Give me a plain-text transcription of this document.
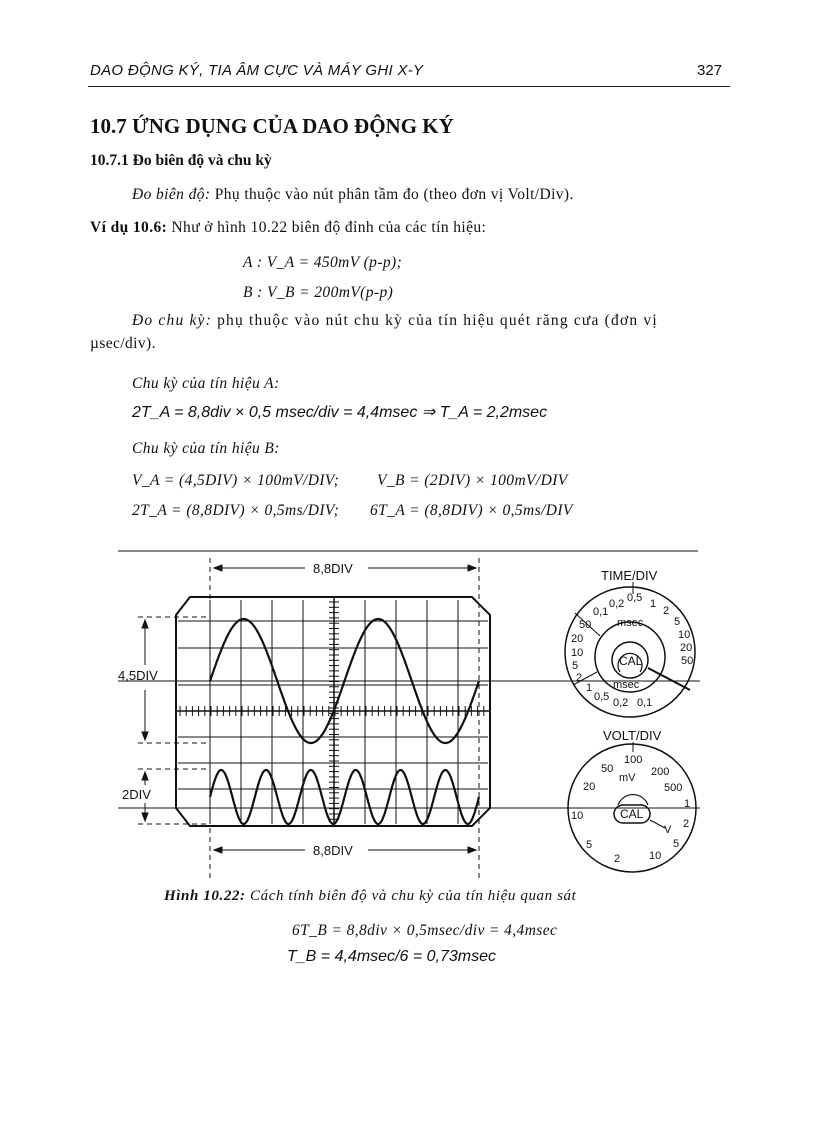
DAO ĐỘNG KÝ, TIA ÂM CỰC VÀ MÁY GHI X-Y	327
10.7 ỨNG DỤNG CỦA DAO ĐỘNG KÝ
10.7.1 Đo biên độ và chu kỳ
Đo biên độ: Phụ thuộc vào nút phân tầm đo (theo đơn vị Volt/Div).
Ví dụ 10.6: Như ở hình 10.22 biên độ đỉnh của các tín hiệu:
A : V_A = 450mV (p-p);
B : V_B = 200mV(p-p)
Đo chu kỳ: phụ thuộc vào nút chu kỳ của tín hiệu quét răng cưa (đơn vị
µsec/div).
Chu kỳ của tín hiệu A:
2T_A = 8,8div × 0,5 msec/div = 4,4msec ⇒ T_A = 2,2msec
Chu kỳ của tín hiệu B:
V_A = (4,5DIV) × 100mV/DIV; V_B = (2DIV) × 100mV/DIV
2T_A = (8,8DIV) × 0,5ms/DIV; 6T_A = (8,8DIV) × 0,5ms/DIV
8,8DIV
8,8DIV
4,5DIV
2DIV
TIME/DIV
msec
msec
CAL
VOLT/DIV
mV
V
CAL
0,2 0,5 1
2
5
10
20
50
0,1
50
20
10
5
2
1
0,5 0,2 0,1
100
50	200
20	500
1
10
2
5
5
2	10
Hình 10.22: Cách tính biên độ và chu kỳ của tín hiệu quan sát
6T_B = 8,8div × 0,5msec/div = 4,4msec
T_B = 4,4msec/6 = 0,73msec
